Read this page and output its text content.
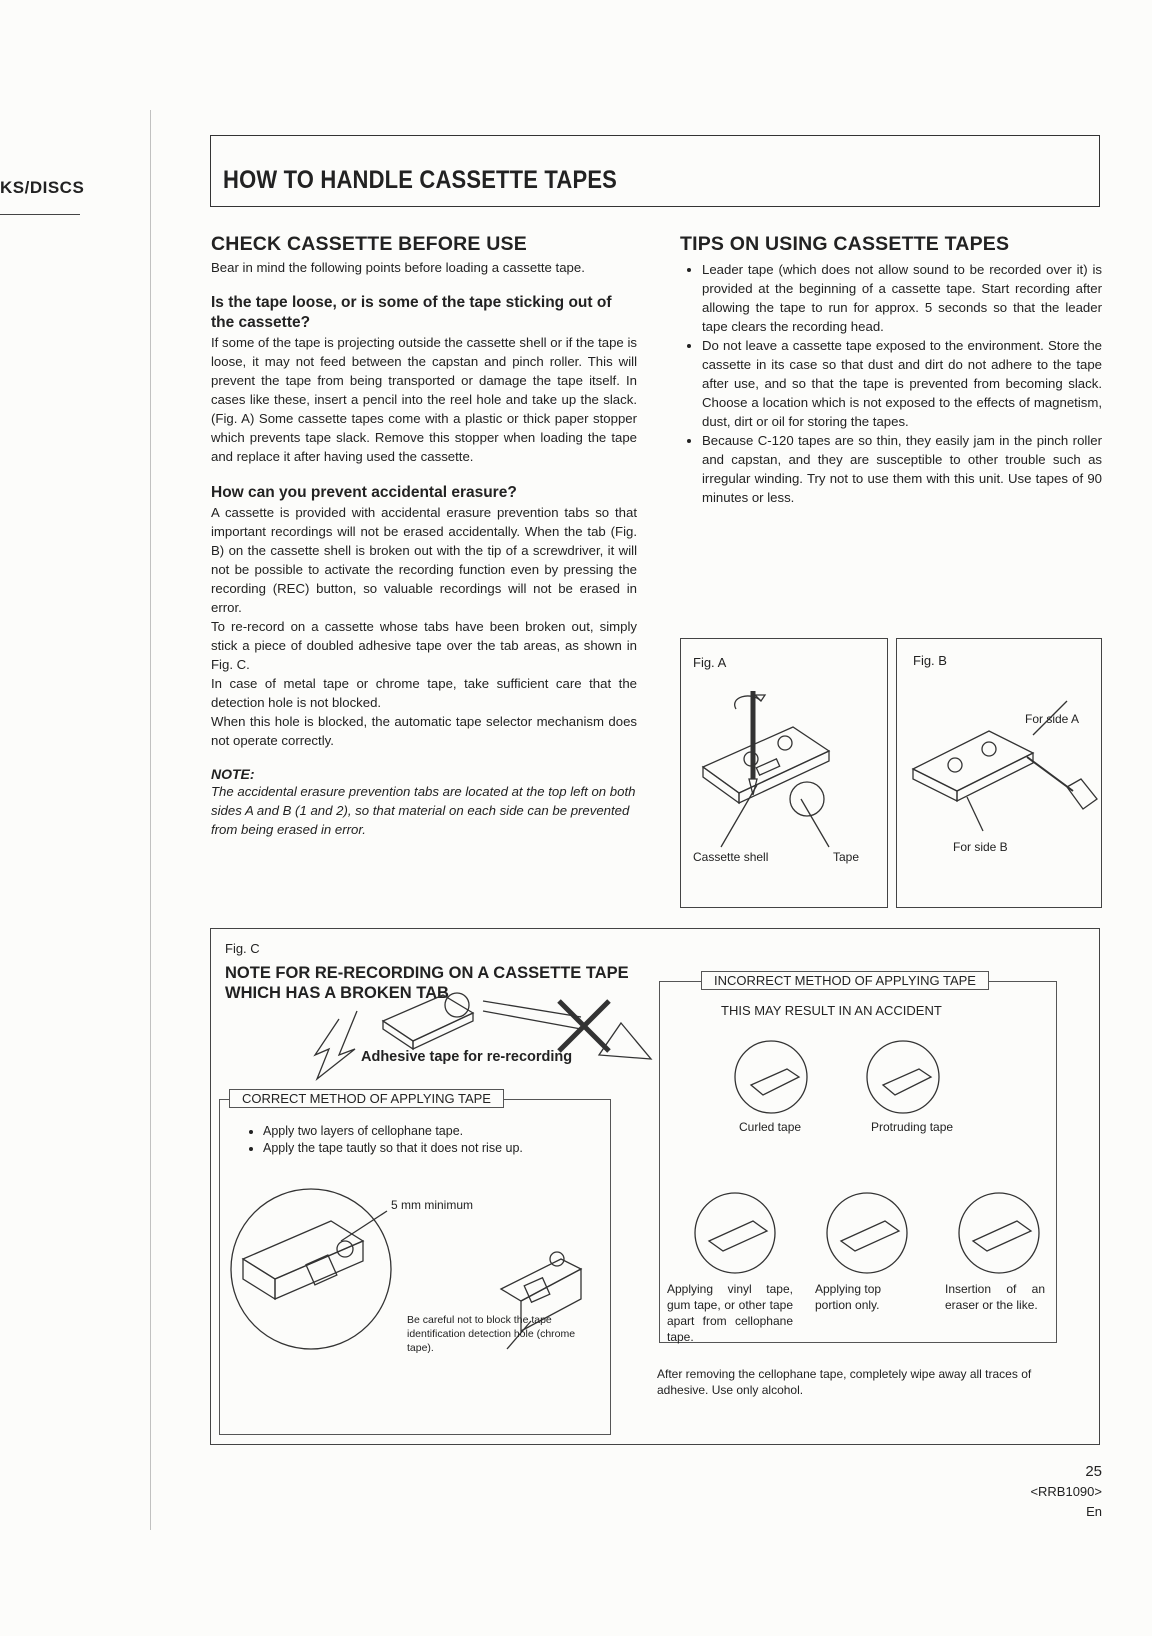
KS/DISCS	HOW TO HANDLE CASSETTE TAPES
CHECK CASSETTE BEFORE USE

Bear in mind the following points before loading a cassette tape.

Is the tape loose, or is some of the tape sticking out of the cassette?

If some of the tape is projecting outside the cassette shell or if the tape is loose, it may not feed between the capstan and pinch roller. This will prevent the tape from being transported or damage the tape itself. In cases like these, insert a pencil into the reel hole and take up the slack. (Fig. A) Some cassette tapes come with a plastic or thick paper stopper which prevents tape slack. Remove this stopper when loading the tape and replace it after having used the cassette.

How can you prevent accidental erasure?

A cassette is provided with accidental erasure prevention tabs so that important recordings will not be erased accidentally. When the tab (Fig. B) on the cassette shell is broken out with the tip of a screwdriver, it will not be possible to activate the recording function even by pressing the recording (REC) button, so valuable recordings will not be erased in error.

To re-record on a cassette whose tabs have been broken out, simply stick a piece of doubled adhesive tape over the tab areas, as shown in Fig. C.

In case of metal tape or chrome tape, take sufficient care that the detection hole is not blocked.

When this hole is blocked, the automatic tape selector mechanism does not operate correctly.

NOTE:
The accidental erasure prevention tabs are located at the top left on both sides A and B (1 and 2), so that material on each side can be prevented from being erased in error.
TIPS ON USING CASSETTE TAPES
• Leader tape (which does not allow sound to be recorded over it) is provided at the beginning of a cassette tape. Start recording after allowing the tape to run for approx. 5 seconds so that the leader tape clears the recording head.
• Do not leave a cassette tape exposed to the environment. Store the cassette in its case so that dust and dirt do not adhere to the tape after use, and so that the tape is prevented from becoming slack. Choose a location which is not exposed to the effects of magnetism, dust, dirt or oil for storing the tapes.
• Because C-120 tapes are so thin, they easily jam in the pinch roller and capstan, and they are susceptible to other trouble such as irregular winding. Try not to use them with this unit. Use tapes of 90 minutes or less.
Fig. A
Cassette shell	Tape
Fig. B
For side A
For side B
Fig. C
NOTE FOR RE-RECORDING ON A CASSETTE TAPE WHICH HAS A BROKEN TAB
Adhesive tape for re-recording
CORRECT METHOD OF APPLYING TAPE
• Apply two layers of cellophane tape.
• Apply the tape tautly so that it does not rise up.
5 mm minimum
Be careful not to block the tape identification detection hole (chrome tape).
INCORRECT METHOD OF APPLYING TAPE
THIS MAY RESULT IN AN ACCIDENT
Curled tape	Protruding tape
Applying vinyl tape, gum tape, or other tape apart from cellophane tape.
Applying top portion only.
Insertion of an eraser or the like.
After removing the cellophane tape, completely wipe away all traces of adhesive. Use only alcohol.
25
<RRB1090>
En
